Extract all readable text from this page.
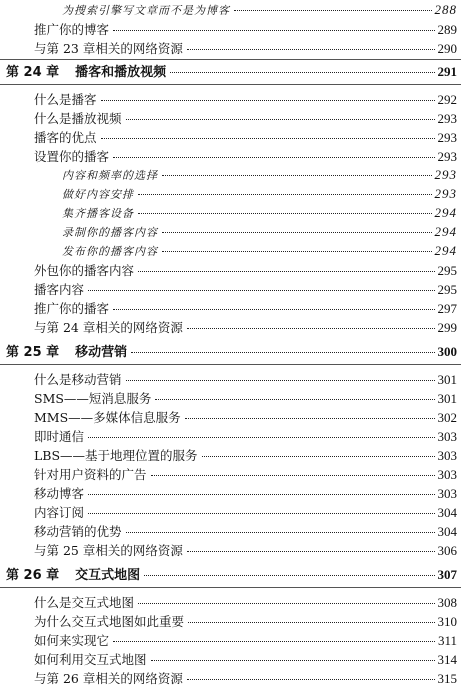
为搜索引擎写文章而不是为博客	288
推广你的博客	289
与第 23 章相关的网络资源	290
第 24 章 播客和播放视频	291
什么是播客	292
什么是播放视频	293
播客的优点	293
设置你的播客	293
内容和频率的选择	293
做好内容安排	293
集齐播客设备	294
录制你的播客内容	294
发布你的播客内容	294
外包你的播客内容	295
播客内容	295
推广你的播客	297
与第 24 章相关的网络资源	299
第 25 章 移动营销	300
什么是移动营销	301
SMS——短消息服务	301
MMS——多媒体信息服务	302
即时通信	303
LBS——基于地理位置的服务	303
针对用户资料的广告	303
移动博客	303
内容订阅	304
移动营销的优势	304
与第 25 章相关的网络资源	306
第 26 章 交互式地图	307
什么是交互式地图	308
为什么交互式地图如此重要	310
如何来实现它	311
如何利用交互式地图	314
与第 26 章相关的网络资源	315
